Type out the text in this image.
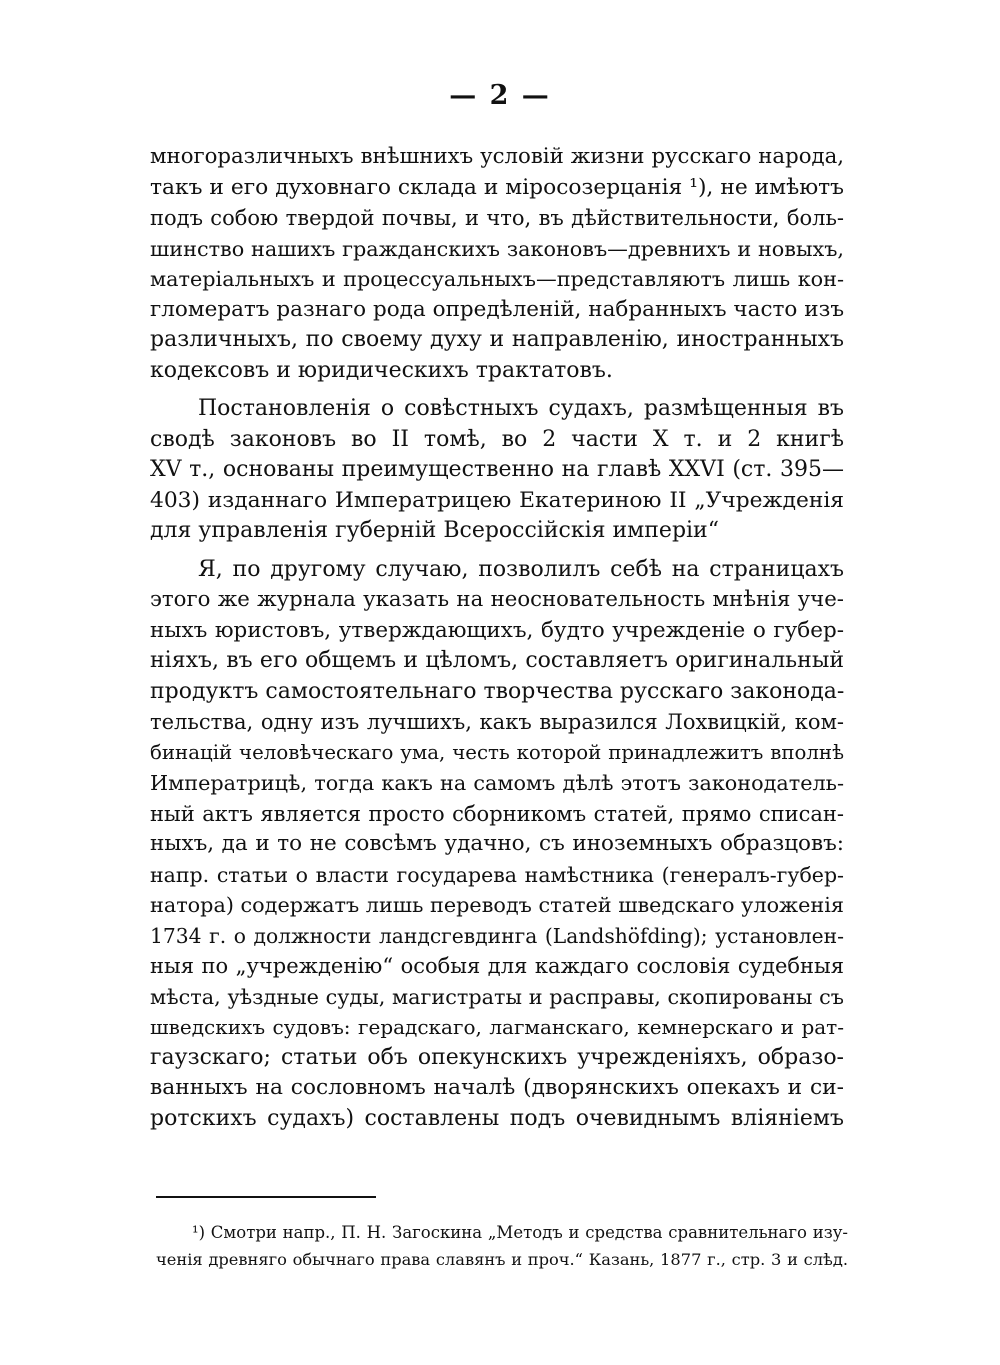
— 2 —
многоразличныхъ внѣшнихъ условій жизни русскаго народа,
такъ и его духовнаго склада и міросозерцанія ¹), не имѣютъ
подъ собою твердой почвы, и что, въ дѣйствительности, боль-
шинство нашихъ гражданскихъ законовъ—древнихъ и новыхъ,
матеріальныхъ и процессуальныхъ—представляютъ лишь кон-
гломератъ разнаго рода опредѣленій, набранныхъ часто изъ
различныхъ, по своему духу и направленію, иностранныхъ
кодексовъ и юридическихъ трактатовъ.
Постановленія о совѣстныхъ судахъ, размѣщенныя въ
сводѣ законовъ во II томѣ, во 2 части X т. и 2 книгѣ
XV т., основаны преимущественно на главѣ XXVI (ст. 395—
403) изданнаго Императрицею Екатериною II „Учрежденія
для управленія губерній Всероссійскія имперіи“
Я, по другому случаю, позволилъ себѣ на страницахъ
этого же журнала указать на неосновательность мнѣнія уче-
ныхъ юристовъ, утверждающихъ, будто учрежденіе о губер-
ніяхъ, въ его общемъ и цѣломъ, составляетъ оригинальный
продуктъ самостоятельнаго творчества русскаго законода-
тельства, одну изъ лучшихъ, какъ выразился Лохвицкій, ком-
бинацій человѣческаго ума, честь которой принадлежитъ вполнѣ
Императрицѣ, тогда какъ на самомъ дѣлѣ этотъ законодатель-
ный актъ является просто сборникомъ статей, прямо списан-
ныхъ, да и то не совсѣмъ удачно, съ иноземныхъ образцовъ:
напр. статьи о власти государева намѣстника (генералъ-губер-
натора) содержатъ лишь переводъ статей шведскаго уложенія
1734 г. о должности ландсгевдинга (Landshöfding); установлен-
ныя по „учрежденію“ особыя для каждаго сословія судебныя
мѣста, уѣздные суды, магистраты и расправы, скопированы съ
шведскихъ судовъ: герадскаго, лагманскаго, кемнерскаго и рат-
гаузскаго; статьи объ опекунскихъ учрежденіяхъ, образо-
ванныхъ на сословномъ началѣ (дворянскихъ опекахъ и си-
ротскихъ судахъ) составлены подъ очевиднымъ вліяніемъ
¹) Смотри напр., П. Н. Загоскина „Методъ и средства сравнительнаго изу-
ченія древняго обычнаго права славянъ и проч.“ Казань, 1877 г., стр. 3 и слѣд.
